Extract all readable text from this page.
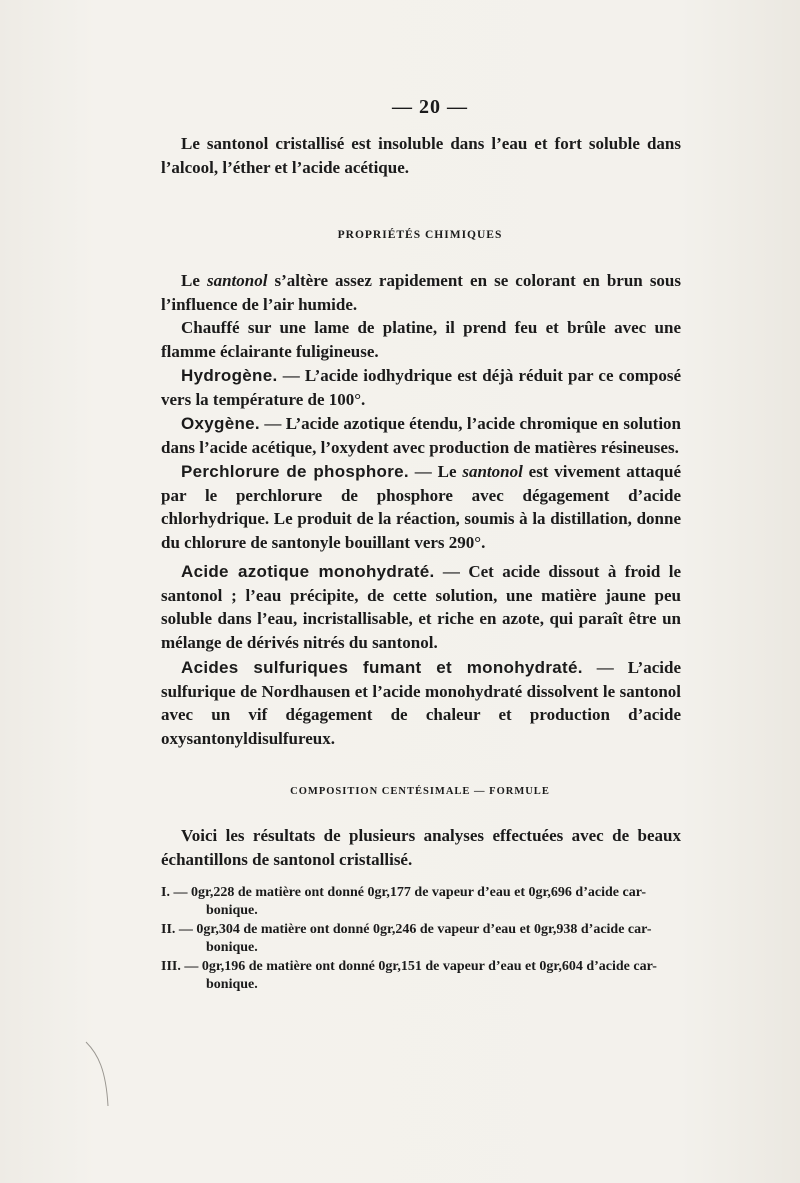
— 20 —

Le santonol cristallisé est insoluble dans l’eau et fort soluble dans l’alcool, l’éther et l’acide acétique.

PROPRIÉTÉS CHIMIQUES

Le santonol s’altère assez rapidement en se colorant en brun sous l’influence de l’air humide.

Chauffé sur une lame de platine, il prend feu et brûle avec une flamme éclairante fuligineuse.

Hydrogène. — L’acide iodhydrique est déjà réduit par ce composé vers la température de 100°.

Oxygène. — L’acide azotique étendu, l’acide chromique en solution dans l’acide acétique, l’oxydent avec production de matières résineuses.

Perchlorure de phosphore. — Le santonol est vivement attaqué par le perchlorure de phosphore avec dégagement d’acide chlorhydrique. Le produit de la réaction, soumis à la distillation, donne du chlorure de santonyle bouillant vers 290°.

Acide azotique monohydraté. — Cet acide dissout à froid le santonol ; l’eau précipite, de cette solution, une matière jaune peu soluble dans l’eau, incristallisable, et riche en azote, qui paraît être un mélange de dérivés nitrés du santonol.

Acides sulfuriques fumant et monohydraté. — L’acide sulfurique de Nordhausen et l’acide monohydraté dissolvent le santonol avec un vif dégagement de chaleur et production d’acide oxysantonyldisulfureux.

COMPOSITION CENTÉSIMALE — FORMULE

Voici les résultats de plusieurs analyses effectuées avec de beaux échantillons de santonol cristallisé.

I. — 0gr,228 de matière ont donné 0gr,177 de vapeur d’eau et 0gr,696 d’acide car-
bonique.

II. — 0gr,304 de matière ont donné 0gr,246 de vapeur d’eau et 0gr,938 d’acide car-
bonique.

III. — 0gr,196 de matière ont donné 0gr,151 de vapeur d’eau et 0gr,604 d’acide car-
bonique.
